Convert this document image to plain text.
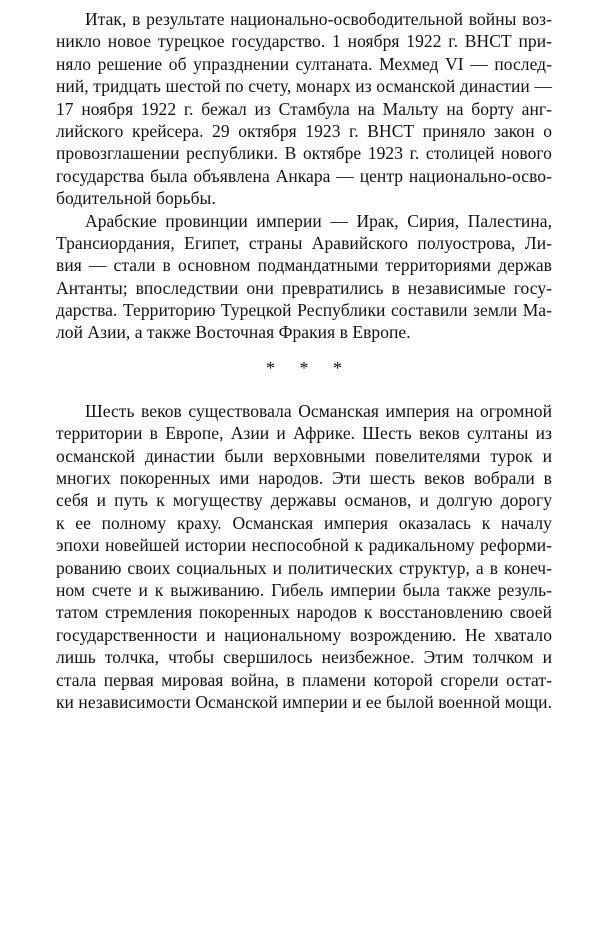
Итак, в результате национально-освободительной войны воз-
никло новое турецкое государство. 1 ноября 1922 г. ВНСТ при-
няло решение об упразднении султаната. Мехмед VI — послед-
ний, тридцать шестой по счету, монарх из османской династии —
17 ноября 1922 г. бежал из Стамбула на Мальту на борту анг-
лийского крейсера. 29 октября 1923 г. ВНСТ приняло закон о
провозглашении республики. В октябре 1923 г. столицей нового
государства была объявлена Анкара — центр национально-осво-
бодительной борьбы.
Арабские провинции империи — Ирак, Сирия, Палестина,
Трансиордания, Египет, страны Аравийского полуострова, Ли-
вия — стали в основном подмандатными территориями держав
Антанты; впоследствии они превратились в независимые госу-
дарства. Территорию Турецкой Республики составили земли Ма-
лой Азии, а также Восточная Фракия в Европе.
* * *
Шесть веков существовала Османская империя на огромной
территории в Европе, Азии и Африке. Шесть веков султаны из
османской династии были верховными повелителями турок и
многих покоренных ими народов. Эти шесть веков вобрали в
себя и путь к могуществу державы османов, и долгую дорогу
к ее полному краху. Османская империя оказалась к началу
эпохи новейшей истории неспособной к радикальному реформи-
рованию своих социальных и политических структур, а в конеч-
ном счете и к выживанию. Гибель империи была также резуль-
татом стремления покоренных народов к восстановлению своей
государственности и национальному возрождению. Не хватало
лишь толчка, чтобы свершилось неизбежное. Этим толчком и
стала первая мировая война, в пламени которой сгорели остат-
ки независимости Османской империи и ее былой военной мощи.
